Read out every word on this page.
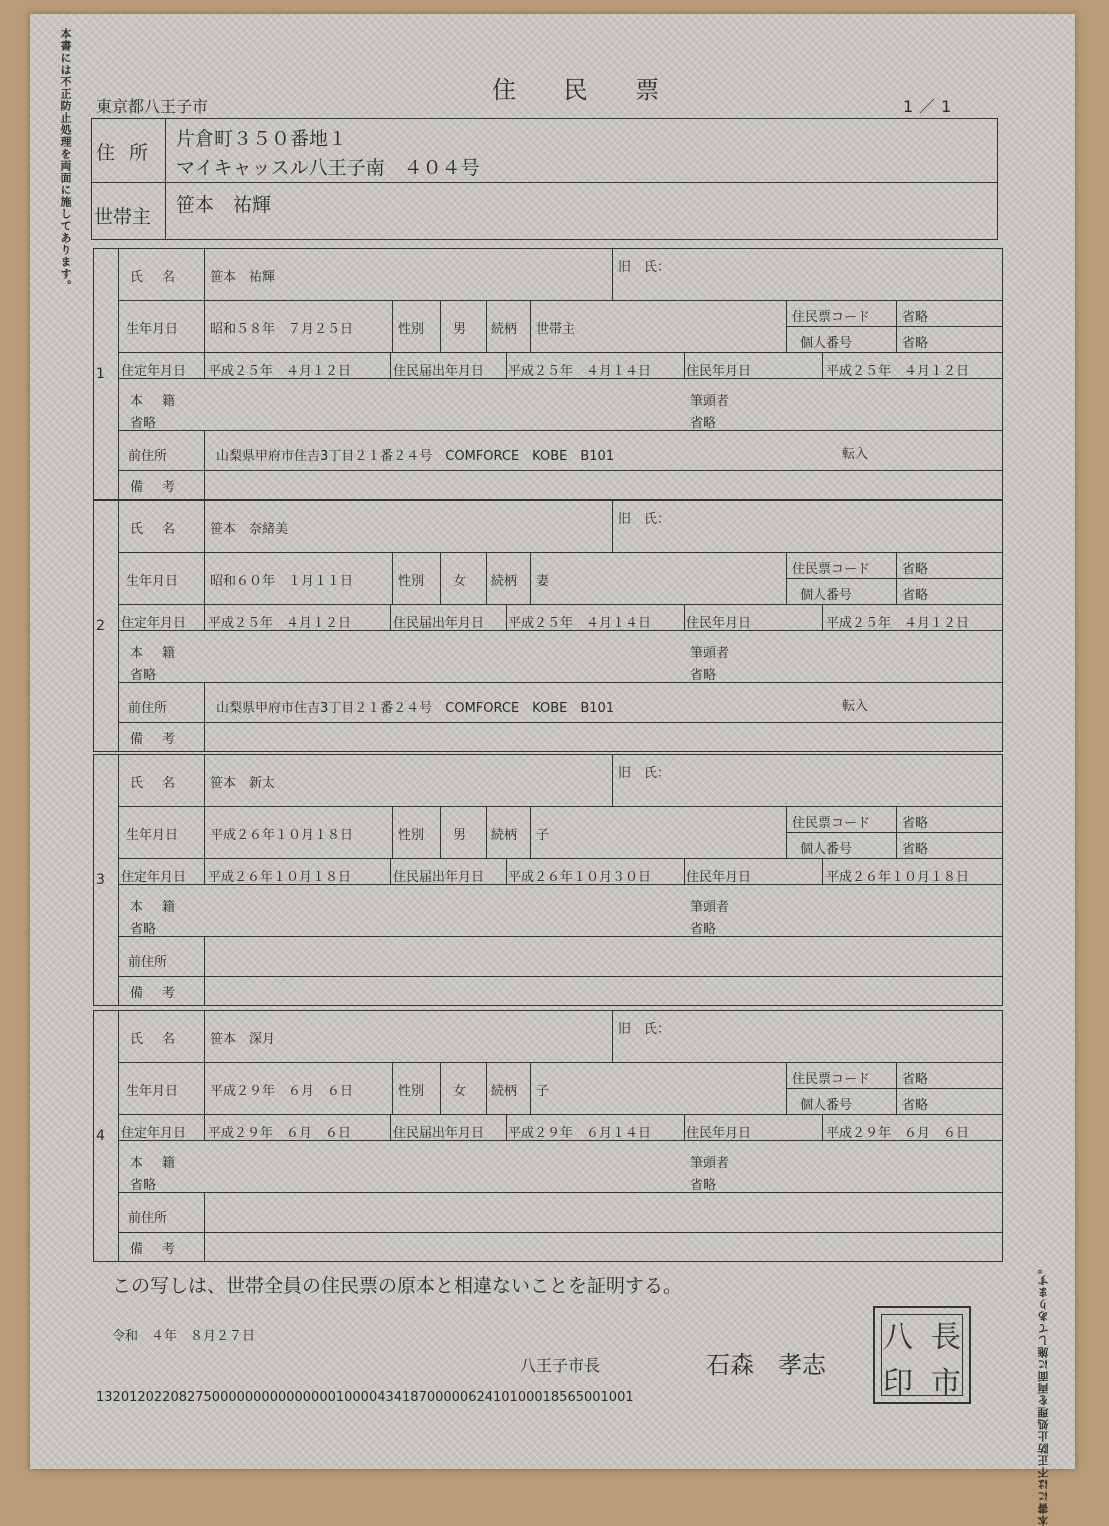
本書には不正防止処理を両面に施してあります。
本書には不正防止処理を両面に施してあります。
住 民 票
東京都八王子市	1／1
住 所
片倉町３５０番地１
マイキャッスル八王子南　４０４号
世帯主
笹本　祐輝
1
氏　名 笹本　祐輝
旧　氏：
生年月日 昭和５８年　７月２５日	性別 男 続柄 世帯主
住民票コード 省略
個人番号	省略
住定年月日 平成２５年　４月１２日	住民届出年月日 平成２５年　４月１４日	住民年月日	平成２５年　４月１２日
本　籍
省略
筆頭者
省略
前住所	山梨県甲府市住吉3丁目２１番２４号　COMFORCE　KOBE　B101	転入
備　考
2
氏　名 笹本　奈緒美
旧　氏：
生年月日 昭和６０年　１月１１日	性別 女 続柄 妻
住民票コード 省略
個人番号	省略
住定年月日 平成２５年　４月１２日	住民届出年月日 平成２５年　４月１４日	住民年月日	平成２５年　４月１２日
本　籍
省略
筆頭者
省略
前住所	山梨県甲府市住吉3丁目２１番２４号　COMFORCE　KOBE　B101	転入
備　考
3
氏　名 笹本　新太
旧　氏：
生年月日 平成２６年１０月１８日	性別 男 続柄 子
住民票コード 省略
個人番号	省略
住定年月日 平成２６年１０月１８日	住民届出年月日 平成２６年１０月３０日	住民年月日	平成２６年１０月１８日
本　籍
省略
筆頭者
省略
前住所
備　考
4
氏　名 笹本　深月
旧　氏：
生年月日 平成２９年　６月　６日	性別 女 続柄 子
住民票コード 省略
個人番号	省略
住定年月日 平成２９年　６月　６日	住民届出年月日 平成２９年　６月１４日	住民年月日	平成２９年　６月　６日
本　籍
省略
筆頭者
省略
前住所
備　考
この写しは、世帯全員の住民票の原本と相違ないことを証明する。
令和　４年　８月２７日
八王子市長	石森　孝志
13201202208275000000000000000100004341870000062410100018565001001
八 長
印 市
